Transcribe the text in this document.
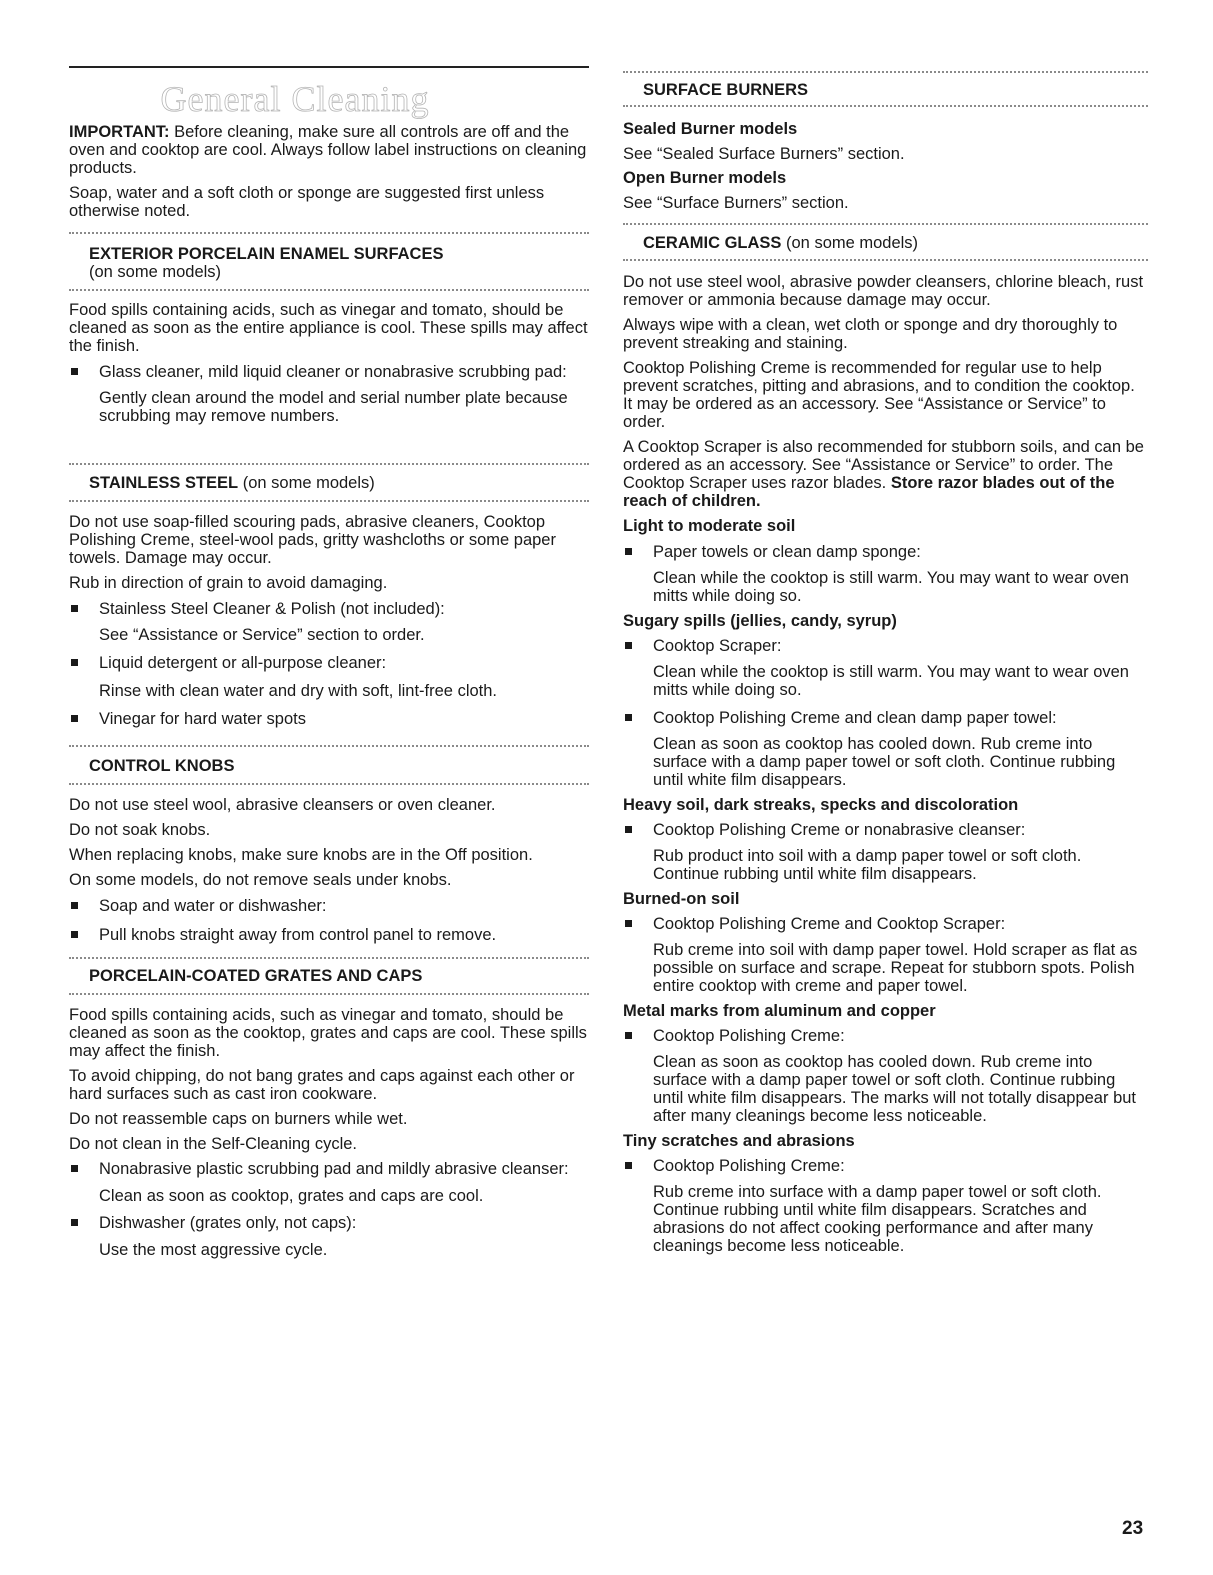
General Cleaning

IMPORTANT: Before cleaning, make sure all controls are off and the oven and cooktop are cool. Always follow label instructions on cleaning products.

Soap, water and a soft cloth or sponge are suggested first unless otherwise noted.

EXTERIOR PORCELAIN ENAMEL SURFACES
(on some models)

Food spills containing acids, such as vinegar and tomato, should be cleaned as soon as the entire appliance is cool. These spills may affect the finish.

Glass cleaner, mild liquid cleaner or nonabrasive scrubbing pad:
Gently clean around the model and serial number plate because scrubbing may remove numbers.
STAINLESS STEEL (on some models)

Do not use soap-filled scouring pads, abrasive cleaners, Cooktop Polishing Creme, steel-wool pads, gritty washcloths or some paper towels. Damage may occur.

Rub in direction of grain to avoid damaging.

Stainless Steel Cleaner & Polish (not included):
See “Assistance or Service” section to order.
Liquid detergent or all-purpose cleaner:
Rinse with clean water and dry with soft, lint-free cloth.
Vinegar for hard water spots
CONTROL KNOBS

Do not use steel wool, abrasive cleansers or oven cleaner.

Do not soak knobs.

When replacing knobs, make sure knobs are in the Off position.

On some models, do not remove seals under knobs.

Soap and water or dishwasher:
Pull knobs straight away from control panel to remove.
PORCELAIN-COATED GRATES AND CAPS

Food spills containing acids, such as vinegar and tomato, should be cleaned as soon as the cooktop, grates and caps are cool. These spills may affect the finish.

To avoid chipping, do not bang grates and caps against each other or hard surfaces such as cast iron cookware.

Do not reassemble caps on burners while wet.

Do not clean in the Self-Cleaning cycle.

Nonabrasive plastic scrubbing pad and mildly abrasive cleanser:
Clean as soon as cooktop, grates and caps are cool.
Dishwasher (grates only, not caps):
Use the most aggressive cycle.
SURFACE BURNERS
Sealed Burner models

See “Sealed Surface Burners” section.

Open Burner models

See “Surface Burners” section.

CERAMIC GLASS (on some models)

Do not use steel wool, abrasive powder cleansers, chlorine bleach, rust remover or ammonia because damage may occur.

Always wipe with a clean, wet cloth or sponge and dry thoroughly to prevent streaking and staining.

Cooktop Polishing Creme is recommended for regular use to help prevent scratches, pitting and abrasions, and to condition the cooktop. It may be ordered as an accessory. See “Assistance or Service” to order.

A Cooktop Scraper is also recommended for stubborn soils, and can be ordered as an accessory. See “Assistance or Service” to order. The Cooktop Scraper uses razor blades. Store razor blades out of the reach of children.

Light to moderate soil
Paper towels or clean damp sponge:
Clean while the cooktop is still warm. You may want to wear oven mitts while doing so.
Sugary spills (jellies, candy, syrup)
Cooktop Scraper:
Clean while the cooktop is still warm. You may want to wear oven mitts while doing so.
Cooktop Polishing Creme and clean damp paper towel:
Clean as soon as cooktop has cooled down. Rub creme into surface with a damp paper towel or soft cloth. Continue rubbing until white film disappears.
Heavy soil, dark streaks, specks and discoloration
Cooktop Polishing Creme or nonabrasive cleanser:
Rub product into soil with a damp paper towel or soft cloth. Continue rubbing until white film disappears.
Burned-on soil
Cooktop Polishing Creme and Cooktop Scraper:
Rub creme into soil with damp paper towel. Hold scraper as flat as possible on surface and scrape. Repeat for stubborn spots. Polish entire cooktop with creme and paper towel.
Metal marks from aluminum and copper
Cooktop Polishing Creme:
Clean as soon as cooktop has cooled down. Rub creme into surface with a damp paper towel or soft cloth. Continue rubbing until white film disappears. The marks will not totally disappear but after many cleanings become less noticeable.
Tiny scratches and abrasions
Cooktop Polishing Creme:
Rub creme into surface with a damp paper towel or soft cloth. Continue rubbing until white film disappears. Scratches and abrasions do not affect cooking performance and after many cleanings become less noticeable.
23
